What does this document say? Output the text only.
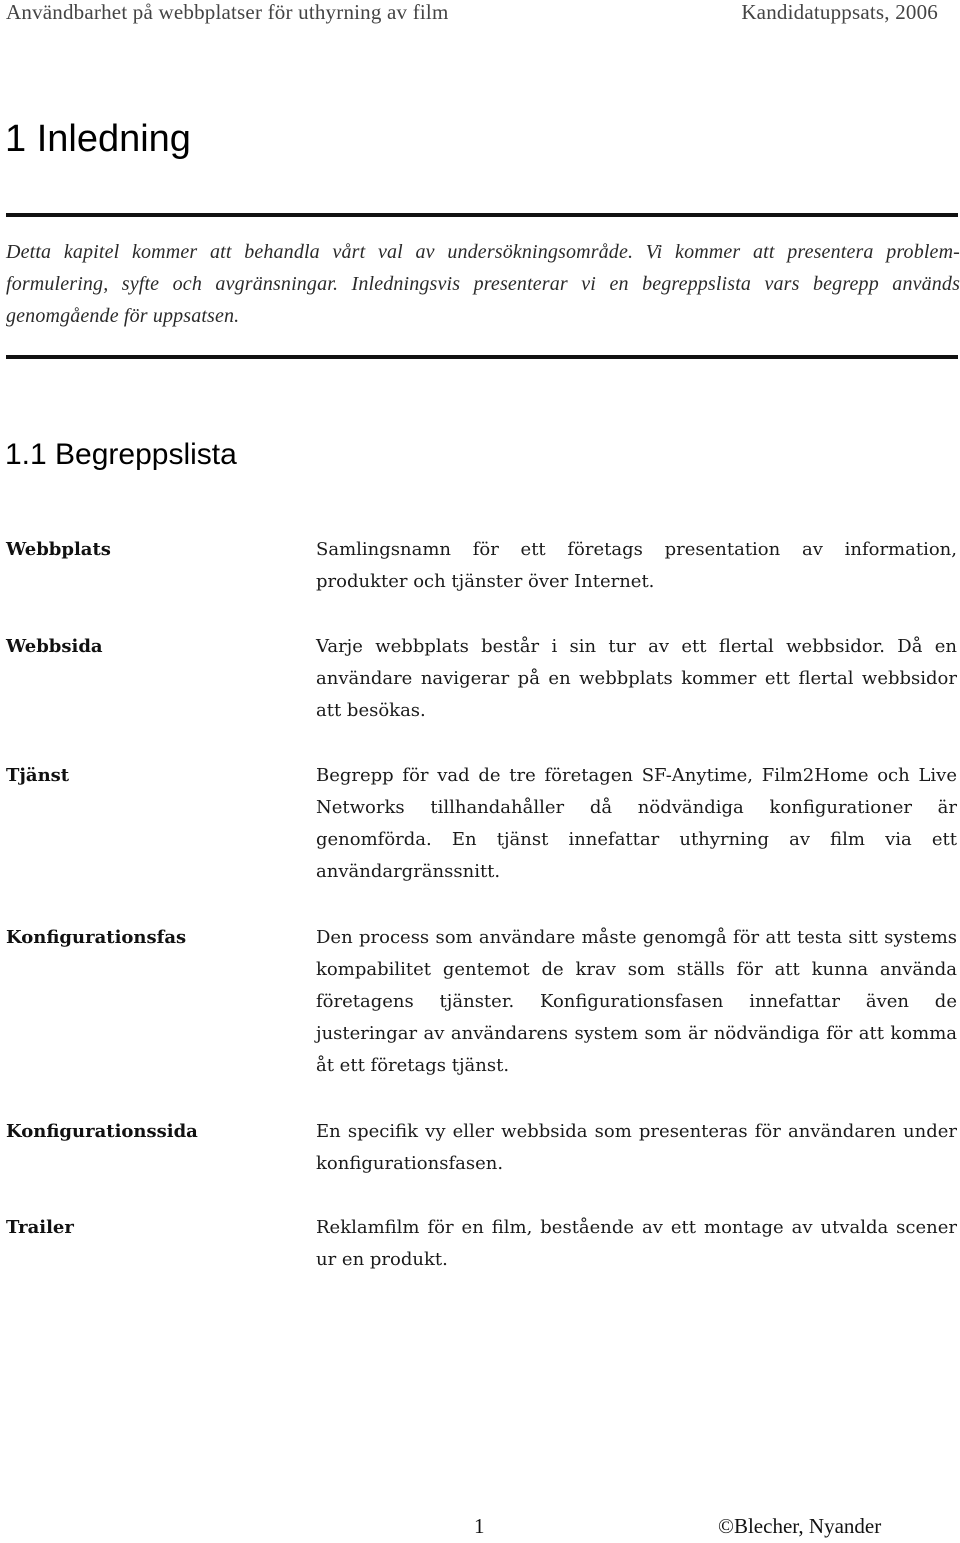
Användbarhet på webbplatser för uthyrning av film	Kandidatuppsats, 2006
1 Inledning
Detta kapitel kommer att behandla vårt val av undersökningsområde. Vi kommer att presentera problem-formulering, syfte och avgränsningar. Inledningsvis presenterar vi en begreppslista vars begrepp används genomgående för uppsatsen.
1.1 Begreppslista
Webbplats	Samlingsnamn för ett företags presentation av information, produkter och tjänster över Internet.
Webbsida	Varje webbplats består i sin tur av ett flertal webbsidor. Då en användare navigerar på en webbplats kommer ett flertal webbsidor att besökas.
Tjänst	Begrepp för vad de tre företagen SF-Anytime, Film2Home och Live Networks tillhandahåller då nödvändiga konfigurationer är genomförda. En tjänst innefattar uthyrning av film via ett användargränssnitt.
Konfigurationsfas	Den process som användare måste genomgå för att testa sitt systems kompabilitet gentemot de krav som ställs för att kunna använda företagens tjänster. Konfigurationsfasen innefattar även de justeringar av användarens system som är nödvändiga för att komma åt ett företags tjänst.
Konfigurationssida	En specifik vy eller webbsida som presenteras för användaren under konfigurationsfasen.
Trailer	Reklamfilm för en film, bestående av ett montage av utvalda scener ur en produkt.
1	©Blecher, Nyander
